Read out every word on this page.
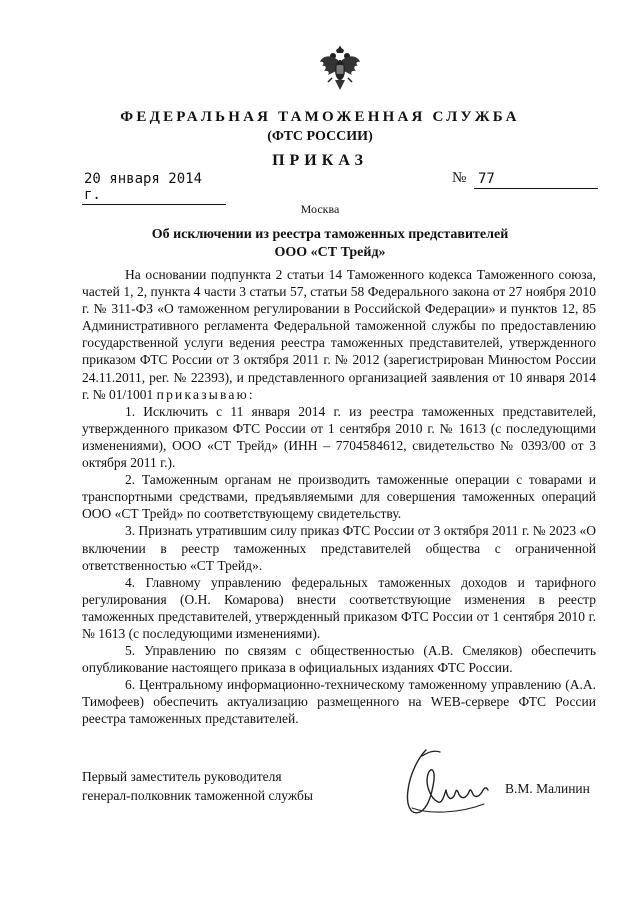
ФЕДЕРАЛЬНАЯ ТАМОЖЕННАЯ СЛУЖБА
(ФТС РОССИИ)
ПРИКАЗ
20 января 2014 г.
№ 77
Москва
Об исключении из реестра таможенных представителей
ООО «СТ Трейд»

На основании подпункта 2 статьи 14 Таможенного кодекса Таможенного союза, частей 1, 2, пункта 4 части 3 статьи 57, статьи 58 Федерального закона от 27 ноября 2010 г. № 311-ФЗ «О таможенном регулировании в Российской Федерации» и пунктов 12, 85 Административного регламента Федеральной таможенной службы по предоставлению государственной услуги ведения реестра таможенных представителей, утвержденного приказом ФТС России от 3 октября 2011 г. № 2012 (зарегистрирован Минюстом России 24.11.2011, рег. № 22393), и представленного организацией заявления от 10 января 2014 г. № 01/1001 приказываю:

1. Исключить с 11 января 2014 г. из реестра таможенных представителей, утвержденного приказом ФТС России от 1 сентября 2010 г. № 1613 (с последующими изменениями), ООО «СТ Трейд» (ИНН – 7704584612, свидетельство № 0393/00 от 3 октября 2011 г.).

2. Таможенным органам не производить таможенные операции с товарами и транспортными средствами, предъявляемыми для совершения таможенных операций ООО «СТ Трейд» по соответствующему свидетельству.

3. Признать утратившим силу приказ ФТС России от 3 октября 2011 г. № 2023 «О включении в реестр таможенных представителей общества с ограниченной ответственностью «СТ Трейд».

4. Главному управлению федеральных таможенных доходов и тарифного регулирования (О.Н. Комарова) внести соответствующие изменения в реестр таможенных представителей, утвержденный приказом ФТС России от 1 сентября 2010 г. № 1613 (с последующими изменениями).

5. Управлению по связям с общественностью (А.В. Смеляков) обеспечить опубликование настоящего приказа в официальных изданиях ФТС России.

6. Центральному информационно-техническому таможенному управлению (А.А. Тимофеев) обеспечить актуализацию размещенного на WEB-сервере ФТС России реестра таможенных представителей.

Первый заместитель руководителя
генерал-полковник таможенной службы	В.М. Малинин
